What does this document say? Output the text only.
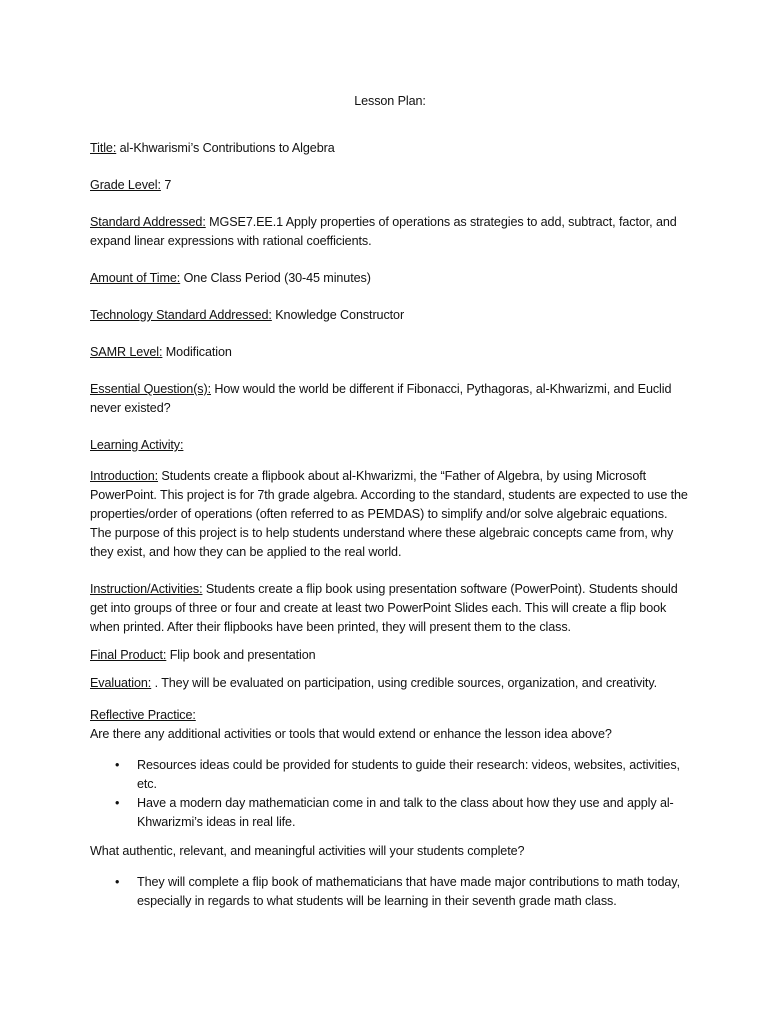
Lesson Plan:

Title: al-Khwarismi’s Contributions to Algebra

Grade Level: 7

Standard Addressed: MGSE7.EE.1 Apply properties of operations as strategies to add, subtract, factor, and expand linear expressions with rational coefficients.

Amount of Time: One Class Period (30-45 minutes)

Technology Standard Addressed: Knowledge Constructor

SAMR Level: Modification

Essential Question(s): How would the world be different if Fibonacci, Pythagoras, al-Khwarizmi, and Euclid never existed?

Learning Activity:

Introduction: Students create a flipbook about al-Khwarizmi, the “Father of Algebra, by using Microsoft PowerPoint. This project is for 7th grade algebra. According to the standard, students are expected to use the properties/order of operations (often referred to as PEMDAS) to simplify and/or solve algebraic equations. The purpose of this project is to help students understand where these algebraic concepts came from, why they exist, and how they can be applied to the real world.

Instruction/Activities: Students create a flip book using presentation software (PowerPoint). Students should get into groups of three or four and create at least two PowerPoint Slides each. This will create a flip book when printed. After their flipbooks have been printed, they will present them to the class.

Final Product: Flip book and presentation

Evaluation: . They will be evaluated on participation, using credible sources, organization, and creativity.

Reflective Practice:

Are there any additional activities or tools that would extend or enhance the lesson idea above?

• Resources ideas could be provided for students to guide their research: videos, websites, activities, etc.
• Have a modern day mathematician come in and talk to the class about how they use and apply al-Khwarizmi’s ideas in real life.

What authentic, relevant, and meaningful activities will your students complete?

• They will complete a flip book of mathematicians that have made major contributions to math today, especially in regards to what students will be learning in their seventh grade math class.
